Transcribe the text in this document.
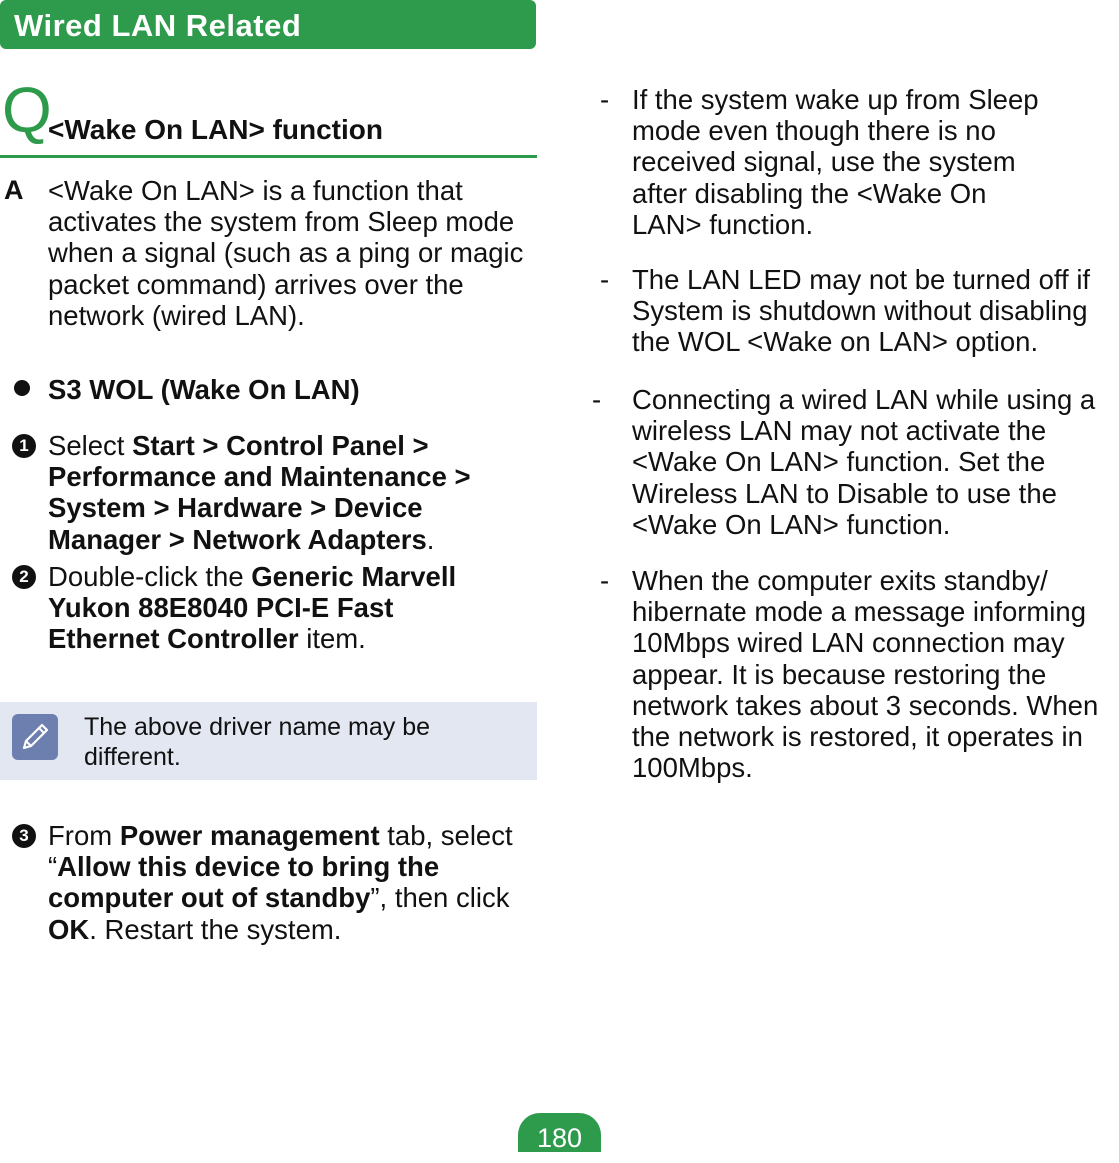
Wired LAN Related
Q
<Wake On LAN> function
A <Wake On LAN> is a function that activates the system from Sleep mode when a signal (such as a ping or magic packet command) arrives over the network (wired LAN).
S3 WOL (Wake On LAN)
1 Select Start > Control Panel > Performance and Maintenance > System > Hardware > Device Manager > Network Adapters.
2 Double-click the Generic Marvell Yukon 88E8040 PCI-E Fast Ethernet Controller item.
The above driver name may be different.
3 From Power management tab, select “Allow this device to bring the computer out of standby”, then click OK. Restart the system.
- If the system wake up from Sleep mode even though there is no received signal, use the system after disabling the <Wake On LAN> function.
- The LAN LED may not be turned off if System is shutdown without disabling the WOL <Wake on LAN> option.
- Connecting a wired LAN while using a wireless LAN may not activate the <Wake On LAN> function. Set the Wireless LAN to Disable to use the <Wake On LAN> function.
- When the computer exits standby/ hibernate mode a message informing 10Mbps wired LAN connection may appear. It is because restoring the network takes about 3 seconds. When the network is restored, it operates in 100Mbps.
180
